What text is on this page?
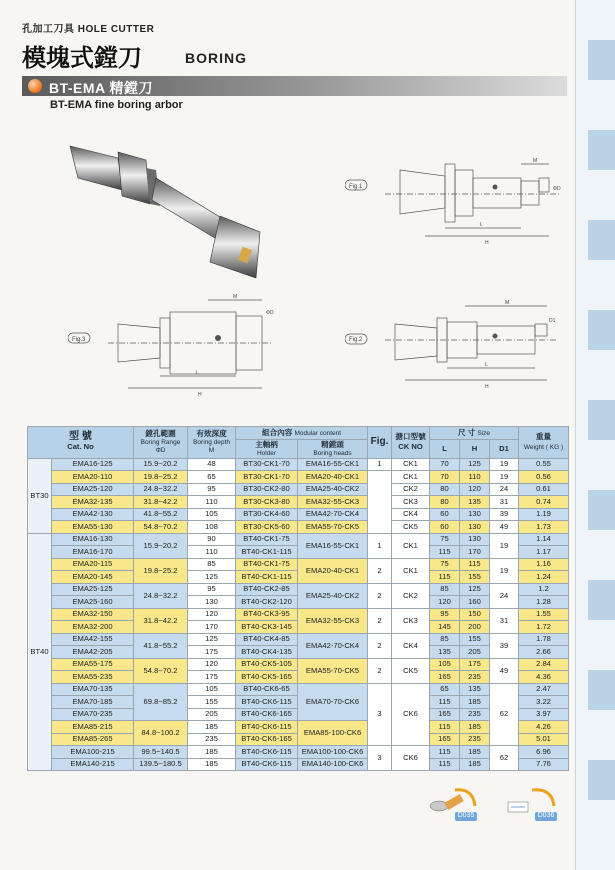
孔加工刀具 HOLE CUTTER
模塊式鏜刀	BORING
BT-EMA 精鏜刀
BT-EMA fine boring arbor
Fig.1
M
L
H
ΦD
Fig.3
M
L
H
ΦD
Fig.2
M
L
H
D1
型 號
Cat. No		鏜孔範圍
Boring Range
ΦD	有效深度
Boring depth
M	組合內容 Modular content		Fig.	搪口型號
CK NO	尺 寸 Size			重量
Weight ( KG )
				主軸柄
Holder	精鏜頭
Boring heads			L	H	D1	
BT30	EMA16-125	15.9~20.2	48	BT30-CK1-70	EMA16-55-CK1	1	CK1	70	125	19	0.55
	EMA20-110	19.8~25.2	65	BT30-CK1-70	EMA20-40-CK1		CK1	70	110	19	0.56
	EMA25-120	24.8~32.2	95	BT30-CK2-80	EMA25-40-CK2		CK2	80	120	24	0.61
	EMA32-135	31.8~42.2	110	BT30-CK3-80	EMA32-55-CK3		CK3	80	135	31	0.74
	EMA42-130	41.8~55.2	105	BT30-CK4-60	EMA42-70-CK4		CK4	60	130	39	1.19
	EMA55-130	54.8~70.2	108	BT30-CK5-60	EMA55-70-CK5		CK5	60	130	49	1.73
BT40	EMA16-130	15.9~20.2	90	BT40-CK1-75	EMA16-55-CK1	1	CK1	75	130	19	1.14
	EMA16-170		110	BT40-CK1-115				115	170		1.17
	EMA20-115	19.8~25.2	85	BT40-CK1-75	EMA20-40-CK1	2	CK1	75	115	19	1.16
	EMA20-145		125	BT40-CK1-115				115	155		1.24
	EMA25-125	24.8~32.2	95	BT40-CK2-85	EMA25-40-CK2	2	CK2	85	125	24	1.2
	EMA25-160		130	BT40-CK2-120				120	160		1.28
	EMA32-150	31.8~42.2	120	BT40-CK3-95	EMA32-55-CK3	2	CK3	95	150	31	1.55
	EMA32-200		170	BT40-CK3-145				145	200		1.72
	EMA42-155	41.8~55.2	125	BT40-CK4-85	EMA42-70-CK4	2	CK4	85	155	39	1.78
	EMA42-205		175	BT40-CK4-135				135	205		2.66
	EMA55-175	54.8~70.2	120	BT40-CK5-105	EMA55-70-CK5	2	CK5	105	175	49	2.84
	EMA55-235		175	BT40-CK5-165				165	235		4.36
	EMA70-135	69.8~85.2	105	BT40-CK6-65	EMA70-70-CK6	3	CK6	65	135	62	2.47
	EMA70-185		155	BT40-CK6-115				115	185		3.22
	EMA70-235		205	BT40-CK6-165				165	235		3.97
	EMA85-215	84.8~100.2	185	BT40-CK6-115	EMA85-100-CK6			115	185		4.26
	EMA85-265		235	BT40-CK6-165				165	235		5.01
	EMA100-215	99.5~140.5	185	BT40-CK6-115	EMA100-100-CK6	3	CK6	115	185	62	6.96
	EMA140-215	139.5~180.5	185	BT40-CK6-115	EMA140-100-CK6			115	185		7.76
D035	D036
